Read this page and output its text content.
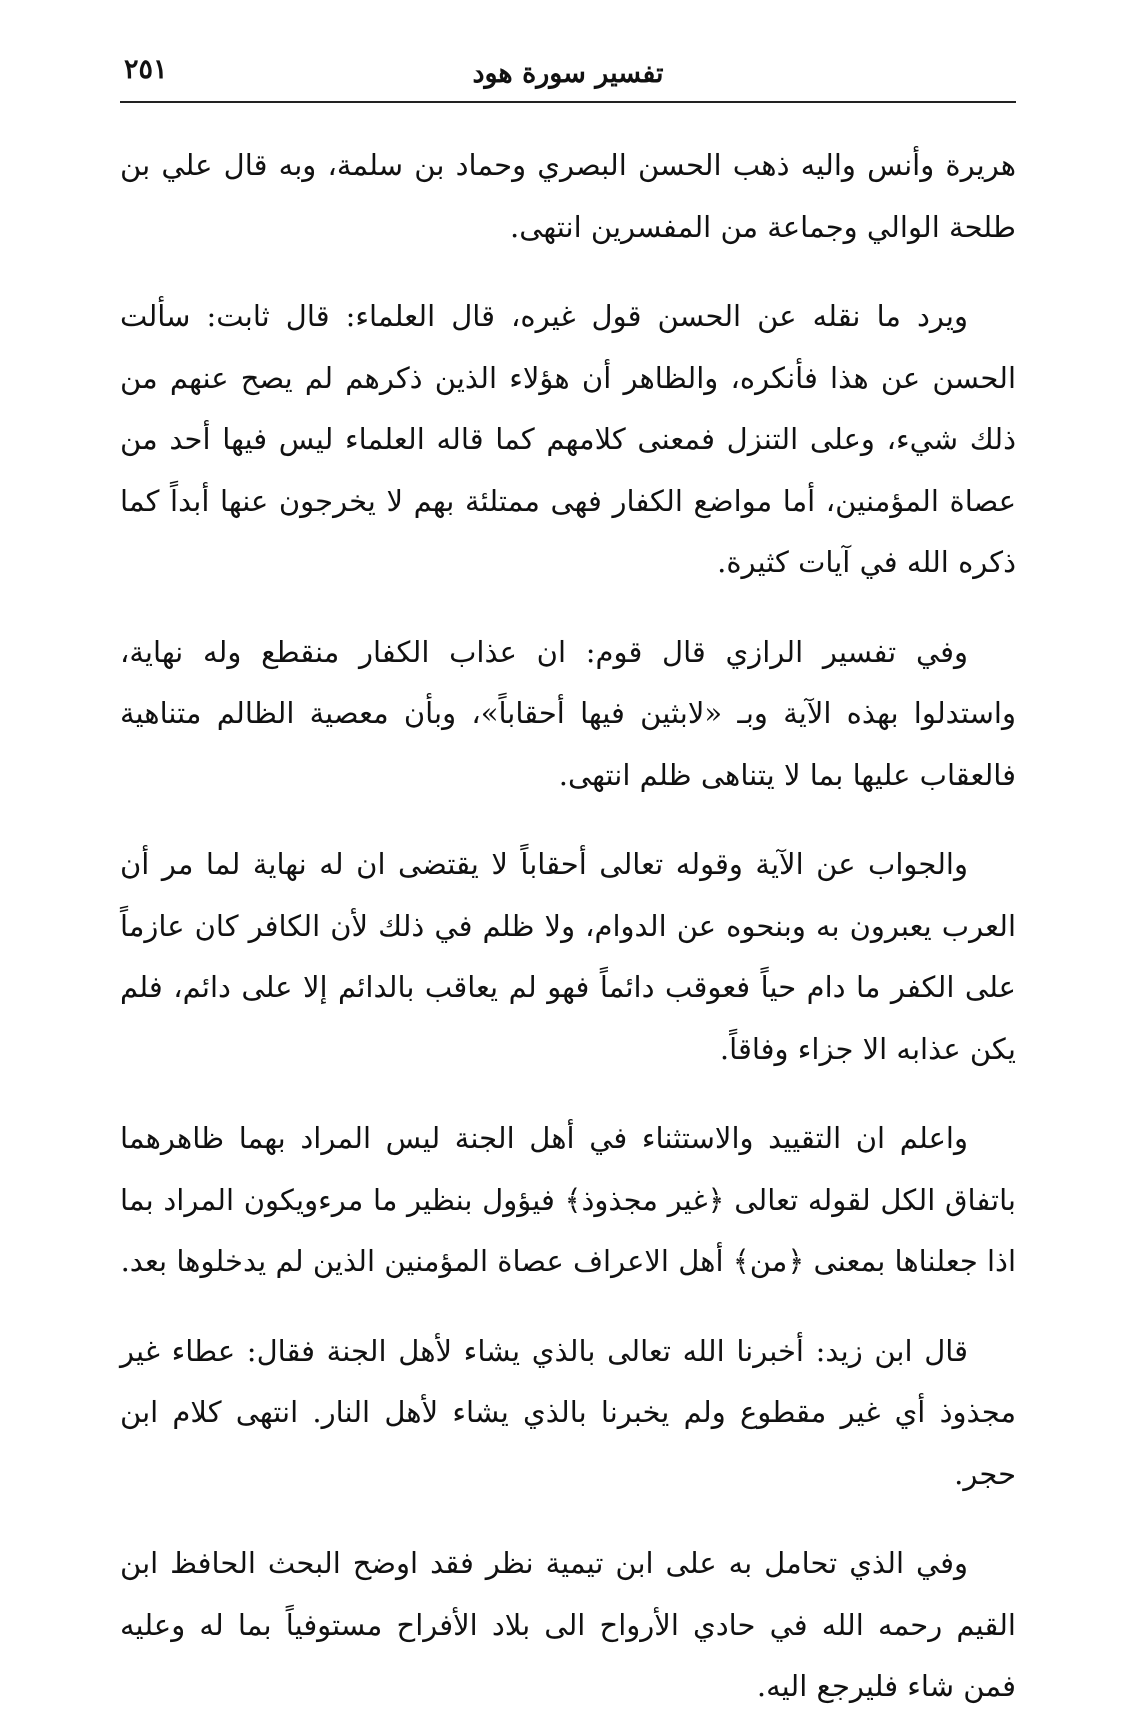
تفسير سورة هود
٢٥١

هريرة وأنس واليه ذهب الحسن البصري وحماد بن سلمة، وبه قال علي بن طلحة الوالي وجماعة من المفسرين انتهى.

ويرد ما نقله عن الحسن قول غيره، قال العلماء: قال ثابت: سألت الحسن عن هذا فأنكره، والظاهر أن هؤلاء الذين ذكرهم لم يصح عنهم من ذلك شيء، وعلى التنزل فمعنى كلامهم كما قاله العلماء ليس فيها أحد من عصاة المؤمنين، أما مواضع الكفار فهى ممتلئة بهم لا يخرجون عنها أبداً كما ذكره الله في آيات كثيرة.

وفي تفسير الرازي قال قوم: ان عذاب الكفار منقطع وله نهاية، واستدلوا بهذه الآية وبـ «لابثين فيها أحقاباً»، وبأن معصية الظالم متناهية فالعقاب عليها بما لا يتناهى ظلم انتهى.

والجواب عن الآية وقوله تعالى أحقاباً لا يقتضى ان له نهاية لما مر أن العرب يعبرون به وبنحوه عن الدوام، ولا ظلم في ذلك لأن الكافر كان عازماً على الكفر ما دام حياً فعوقب دائماً فهو لم يعاقب بالدائم إلا على دائم، فلم يكن عذابه الا جزاء وفاقاً.

واعلم ان التقييد والاستثناء في أهل الجنة ليس المراد بهما ظاهرهما باتفاق الكل لقوله تعالى ﴿غير مجذوذ﴾ فيؤول بنظير ما مرءويكون المراد بما اذا جعلناها بمعنى ﴿من﴾ أهل الاعراف عصاة المؤمنين الذين لم يدخلوها بعد.

قال ابن زيد: أخبرنا الله تعالى بالذي يشاء لأهل الجنة فقال: عطاء غير مجذوذ أي غير مقطوع ولم يخبرنا بالذي يشاء لأهل النار. انتهى كلام ابن حجر.

وفي الذي تحامل به على ابن تيمية نظر فقد اوضح البحث الحافظ ابن القيم رحمه الله في حادي الأرواح الى بلاد الأفراح مستوفياً بما له وعليه فمن شاء فليرجع اليه.
